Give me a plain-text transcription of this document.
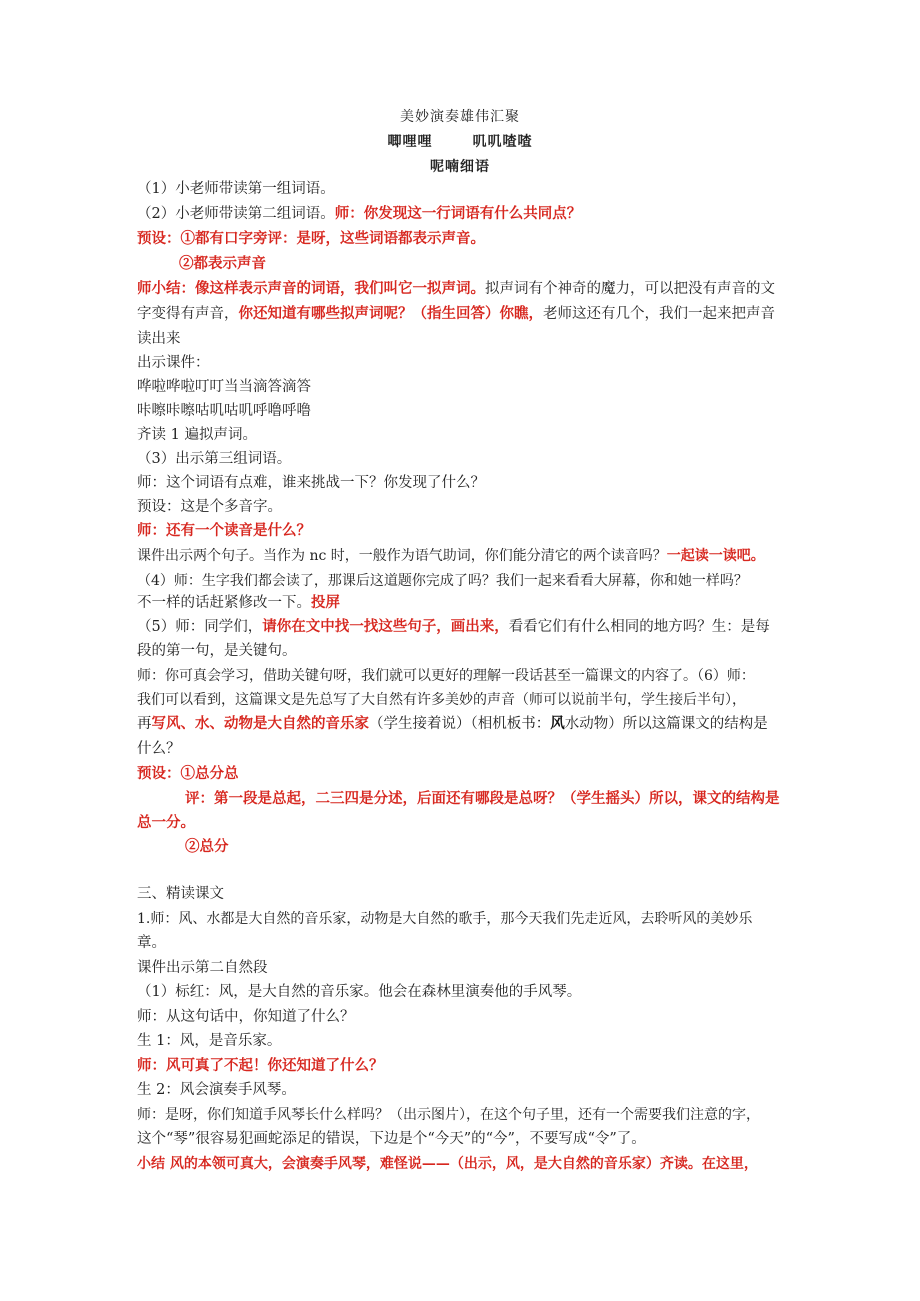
美妙演奏雄伟汇聚
唧哩哩	叽叽喳喳
呢喃细语
（1）小老师带读第一组词语。
（2）小老师带读第二组词语。师：你发现这一行词语有什么共同点？
预设：①都有口字旁评：是呀，这些词语都表示声音。
②都表示声音
师小结：像这样表示声音的词语，我们叫它一拟声词。拟声词有个神奇的魔力，可以把没有声音的文
字变得有声音，你还知道有哪些拟声词呢？（指生回答）你瞧，老师这还有几个，我们一起来把声音
读出来
出示课件：
哗啦哗啦叮叮当当滴答滴答
咔嚓咔嚓咕叽咕叽呼噜呼噜
齐读 1 遍拟声词。
（3）出示第三组词语。
师：这个词语有点难，谁来挑战一下？你发现了什么？
预设：这是个多音字。
师：还有一个读音是什么？
课件出示两个句子。当作为 nc 时，一般作为语气助词，你们能分清它的两个读音吗？一起读一读吧。
（4）师：生字我们都会读了，那课后这道题你完成了吗？我们一起来看看大屏幕，你和她一样吗？
不一样的话赶紧修改一下。投屏
（5）师：同学们，请你在文中找一找这些句子，画出来，看看它们有什么相同的地方吗？生：是每
段的第一句，是关键句。
师：你可真会学习，借助关键句呀，我们就可以更好的理解一段话甚至一篇课文的内容了。（6）师：
我们可以看到，这篇课文是先总写了大自然有许多美妙的声音（师可以说前半句，学生接后半句），
再写风、水、动物是大自然的音乐家（学生接着说）（相机板书：风水动物）所以这篇课文的结构是
什么？
预设：①总分总
评：第一段是总起，二三四是分述，后面还有哪段是总呀？（学生摇头）所以，课文的结构是
总一分。
②总分
三、精读课文
1.师：风、水都是大自然的音乐家，动物是大自然的歌手，那今天我们先走近风，去聆听风的美妙乐
章。
课件出示第二自然段
（1）标红：风，是大自然的音乐家。他会在森林里演奏他的手风琴。
师：从这句话中，你知道了什么？
生 1：风，是音乐家。
师：风可真了不起！你还知道了什么？
生 2：风会演奏手风琴。
师：是呀，你们知道手风琴长什么样吗？（出示图片），在这个句子里，还有一个需要我们注意的字，
这个“琴”很容易犯画蛇添足的错误，下边是个“今天”的“今”，不要写成“令”了。
小结 风的本领可真大，会演奏手风琴，难怪说——（出示，风，是大自然的音乐家）齐读。在这里，
